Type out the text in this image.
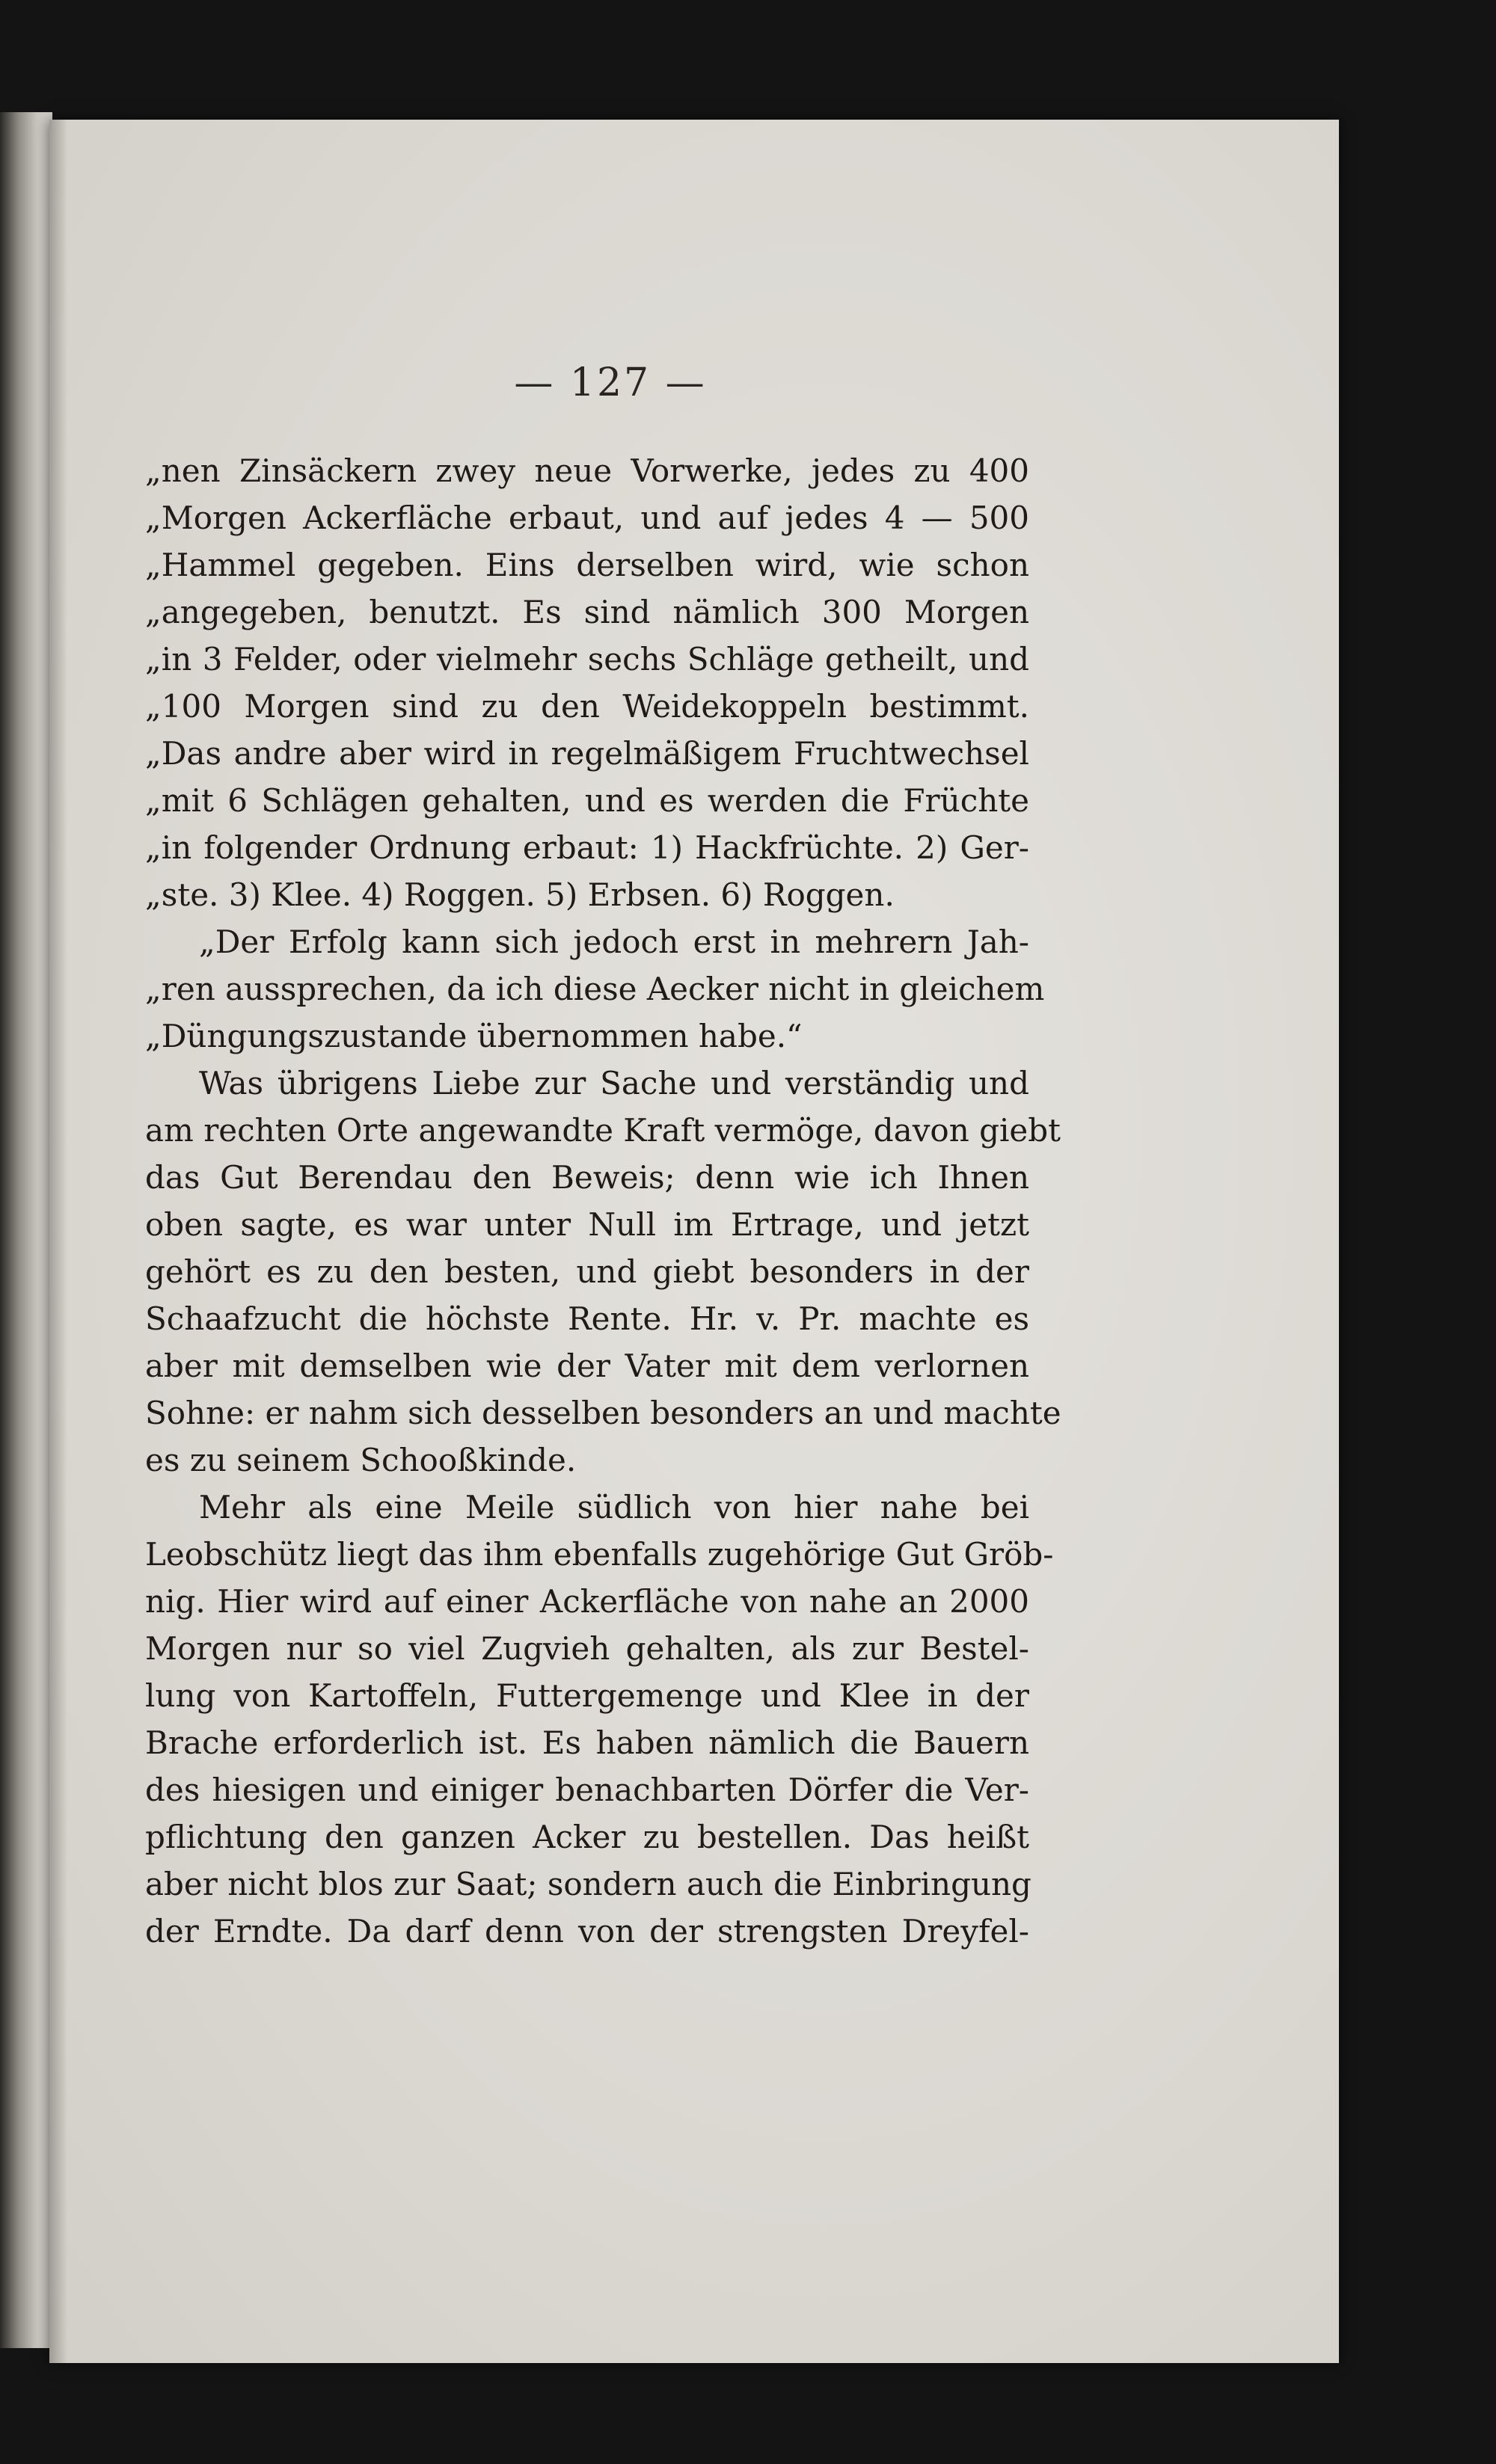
— 127 —
„nen Zinsäckern zwey neue Vorwerke, jedes zu 400
„Morgen Ackerfläche erbaut, und auf jedes 4 — 500
„Hammel gegeben. Eins derselben wird, wie schon
„angegeben, benutzt. Es sind nämlich 300 Morgen
„in 3 Felder, oder vielmehr sechs Schläge getheilt, und
„100 Morgen sind zu den Weidekoppeln bestimmt.
„Das andre aber wird in regelmäßigem Fruchtwechsel
„mit 6 Schlägen gehalten, und es werden die Früchte
„in folgender Ordnung erbaut: 1) Hackfrüchte. 2) Ger-
„ste. 3) Klee. 4) Roggen. 5) Erbsen. 6) Roggen.
„Der Erfolg kann sich jedoch erst in mehrern Jah-
„ren aussprechen, da ich diese Aecker nicht in gleichem
„Düngungszustande übernommen habe.“
Was übrigens Liebe zur Sache und verständig und
am rechten Orte angewandte Kraft vermöge, davon giebt
das Gut Berendau den Beweis; denn wie ich Ihnen
oben sagte, es war unter Null im Ertrage, und jetzt
gehört es zu den besten, und giebt besonders in der
Schaafzucht die höchste Rente. Hr. v. Pr. machte es
aber mit demselben wie der Vater mit dem verlornen
Sohne: er nahm sich desselben besonders an und machte
es zu seinem Schooßkinde.
Mehr als eine Meile südlich von hier nahe bei
Leobschütz liegt das ihm ebenfalls zugehörige Gut Gröb-
nig. Hier wird auf einer Ackerfläche von nahe an 2000
Morgen nur so viel Zugvieh gehalten, als zur Bestel-
lung von Kartoffeln, Futtergemenge und Klee in der
Brache erforderlich ist. Es haben nämlich die Bauern
des hiesigen und einiger benachbarten Dörfer die Ver-
pflichtung den ganzen Acker zu bestellen. Das heißt
aber nicht blos zur Saat; sondern auch die Einbringung
der Erndte. Da darf denn von der strengsten Dreyfel-
